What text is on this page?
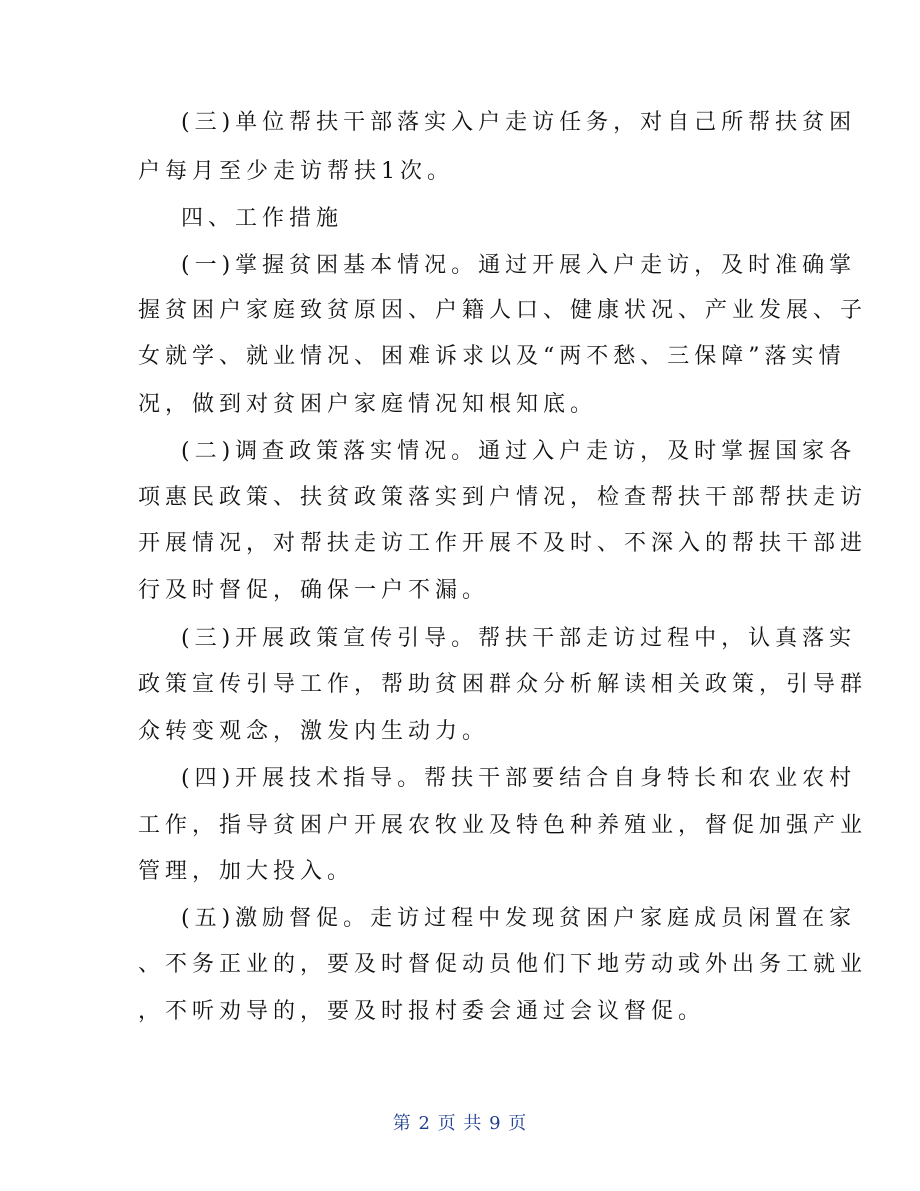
(三)单位帮扶干部落实入户走访任务，对自己所帮扶贫困
户每月至少走访帮扶1次。
四、工作措施
(一)掌握贫困基本情况。通过开展入户走访，及时准确掌
握贫困户家庭致贫原因、户籍人口、健康状况、产业发展、子
女就学、就业情况、困难诉求以及“两不愁、三保障”落实情
况，做到对贫困户家庭情况知根知底。
(二)调查政策落实情况。通过入户走访，及时掌握国家各
项惠民政策、扶贫政策落实到户情况，检查帮扶干部帮扶走访
开展情况，对帮扶走访工作开展不及时、不深入的帮扶干部进
行及时督促，确保一户不漏。
(三)开展政策宣传引导。帮扶干部走访过程中，认真落实
政策宣传引导工作，帮助贫困群众分析解读相关政策，引导群
众转变观念，激发内生动力。
(四)开展技术指导。帮扶干部要结合自身特长和农业农村
工作，指导贫困户开展农牧业及特色种养殖业，督促加强产业
管理，加大投入。
(五)激励督促。走访过程中发现贫困户家庭成员闲置在家
、不务正业的，要及时督促动员他们下地劳动或外出务工就业
，不听劝导的，要及时报村委会通过会议督促。
第 2 页 共 9 页
